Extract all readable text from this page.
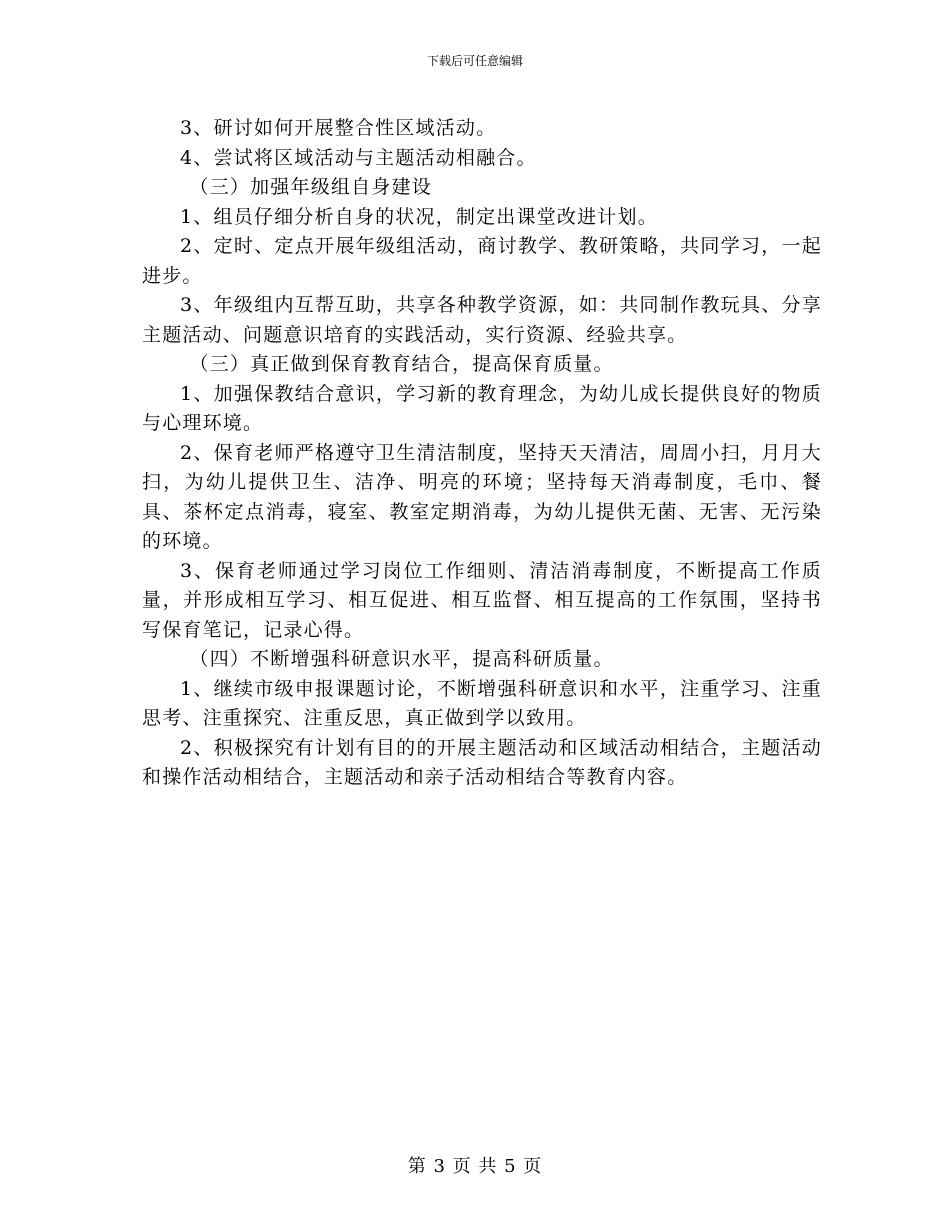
下载后可任意编辑

3、研讨如何开展整合性区域活动。

4、尝试将区域活动与主题活动相融合。

（三）加强年级组自身建设

1、组员仔细分析自身的状况，制定出课堂改进计划。

2、定时、定点开展年级组活动，商讨教学、教研策略，共同学习，一起进步。

3、年级组内互帮互助，共享各种教学资源，如：共同制作教玩具、分享主题活动、问题意识培育的实践活动，实行资源、经验共享。

（三）真正做到保育教育结合，提高保育质量。

1、加强保教结合意识，学习新的教育理念，为幼儿成长提供良好的物质与心理环境。

2、保育老师严格遵守卫生清洁制度，坚持天天清洁，周周小扫，月月大扫，为幼儿提供卫生、洁净、明亮的环境；坚持每天消毒制度，毛巾、餐具、茶杯定点消毒，寝室、教室定期消毒，为幼儿提供无菌、无害、无污染的环境。

3、保育老师通过学习岗位工作细则、清洁消毒制度，不断提高工作质量，并形成相互学习、相互促进、相互监督、相互提高的工作氛围，坚持书写保育笔记，记录心得。

（四）不断增强科研意识水平，提高科研质量。

1、继续市级申报课题讨论，不断增强科研意识和水平，注重学习、注重思考、注重探究、注重反思，真正做到学以致用。

2、积极探究有计划有目的的开展主题活动和区域活动相结合，主题活动和操作活动相结合，主题活动和亲子活动相结合等教育内容。

第 3 页 共 5 页
